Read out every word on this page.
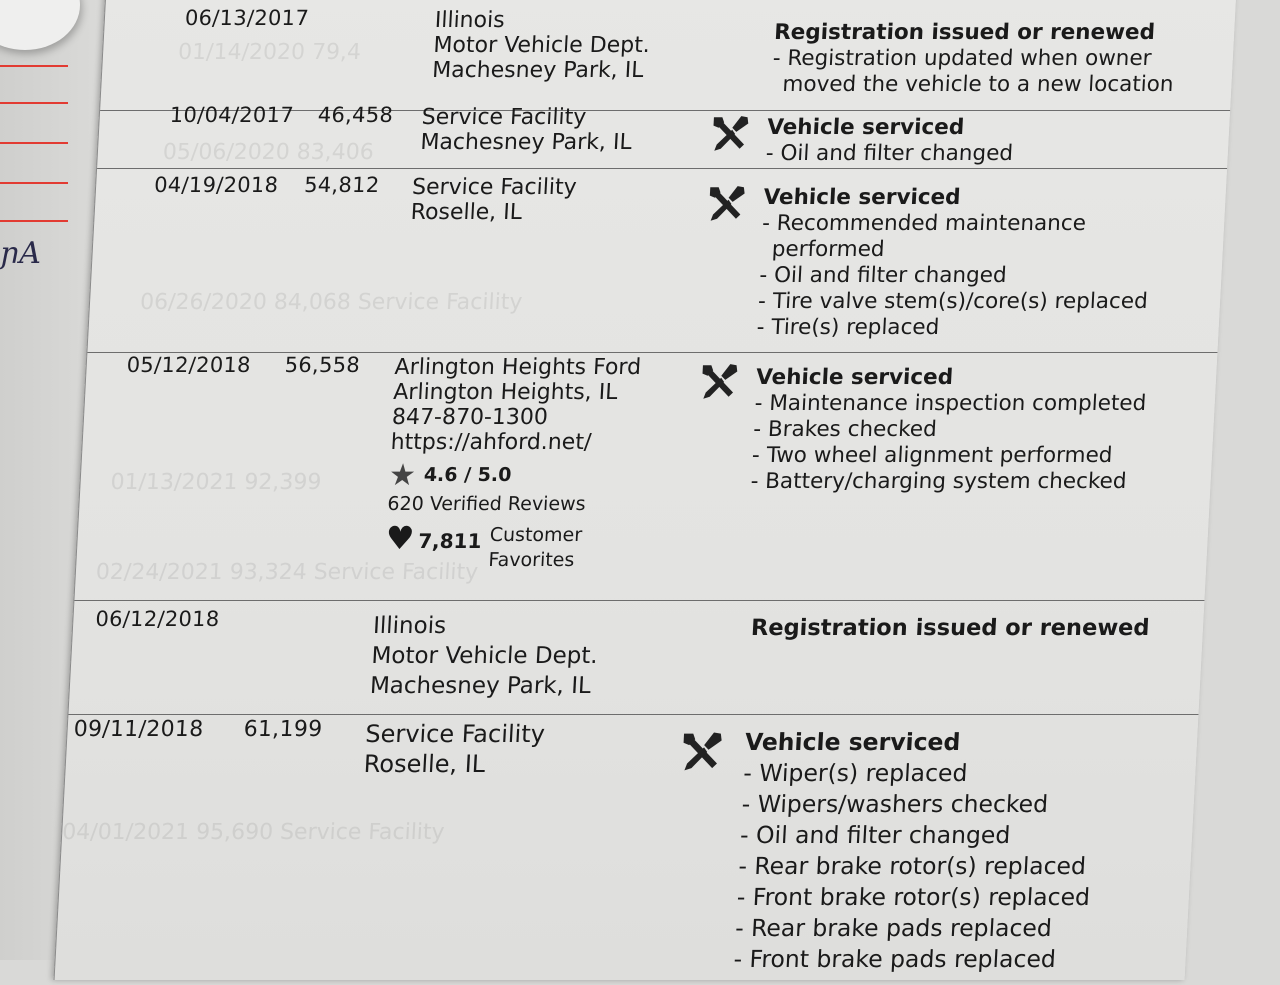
ɲA
01/14/2020 79,4
05/06/2020 83,406
06/26/2020 84,068 Service Facility
01/13/2021 92,399
02/24/2021 93,324 Service Facility
04/01/2021 95,690 Service Facility
06/13/2017	Illinois
Motor Vehicle Dept.
Machesney Park, IL
Registration issued or renewed
- Registration updated when owner
moved the vehicle to a new location
10/04/2017 46,458 Service Facility
Machesney Park, IL
Vehicle serviced
- Oil and filter changed
04/19/2018 54,812 Service Facility
Roselle, IL
Vehicle serviced
- Recommended maintenance
performed
- Oil and filter changed
- Tire valve stem(s)/core(s) replaced
- Tire(s) replaced
05/12/2018 56,558 Arlington Heights Ford
Arlington Heights, IL
847-870-1300
https://ahford.net/
★ 4.6 / 5.0
620 Verified Reviews
♥ 7,811 Customer
Favorites
Vehicle serviced
- Maintenance inspection completed
- Brakes checked
- Two wheel alignment performed
- Battery/charging system checked
06/12/2018	Illinois
Motor Vehicle Dept.
Machesney Park, IL
Registration issued or renewed
09/11/2018 61,199 Service Facility
Roselle, IL
Vehicle serviced
- Wiper(s) replaced
- Wipers/washers checked
- Oil and filter changed
- Rear brake rotor(s) replaced
- Front brake rotor(s) replaced
- Rear brake pads replaced
- Front brake pads replaced
